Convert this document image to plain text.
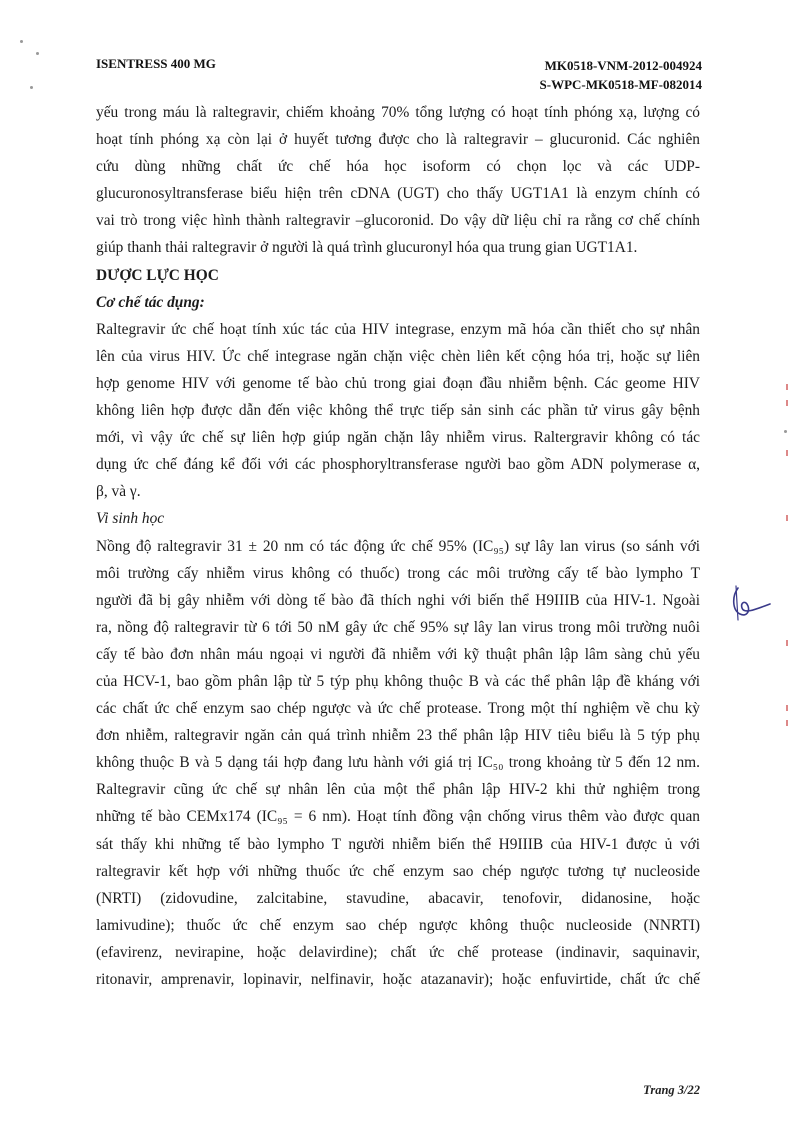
ISENTRESS 400 MG	MK0518-VNM-2012-004924
S-WPC-MK0518-MF-082014

yếu trong máu là raltegravir, chiếm khoảng 70% tổng lượng có hoạt tính phóng xạ, lượng có
hoạt tính phóng xạ còn lại ở huyết tương được cho là raltegravir – glucuronid. Các nghiên
cứu dùng những chất ức chế hóa học isoform có chọn lọc và các UDP-
glucuronosyltransferase biểu hiện trên cDNA (UGT) cho thấy UGT1A1 là enzym chính có
vai trò trong việc hình thành raltegravir –glucoronid. Do vậy dữ liệu chỉ ra rằng cơ chế chính
giúp thanh thải raltegravir ở người là quá trình glucuronyl hóa qua trung gian UGT1A1.

DƯỢC LỰC HỌC
Cơ chế tác dụng:

Raltegravir ức chế hoạt tính xúc tác của HIV integrase, enzym mã hóa cần thiết cho sự nhân
lên của virus HIV. Ức chế integrase ngăn chặn việc chèn liên kết cộng hóa trị, hoặc sự liên
hợp genome HIV với genome tế bào chủ trong giai đoạn đầu nhiễm bệnh. Các geome HIV
không liên hợp được dẫn đến việc không thể trực tiếp sản sinh các phần tử virus gây bệnh
mới, vì vậy ức chế sự liên hợp giúp ngăn chặn lây nhiễm virus. Raltergravir không có tác
dụng ức chế đáng kể đối với các phosphoryltransferase người bao gồm ADN polymerase α,
β, và γ.

Vi sinh học

Nồng độ raltegravir 31 ± 20 nm có tác động ức chế 95% (IC₉₅) sự lây lan virus (so sánh với
môi trường cấy nhiễm virus không có thuốc) trong các môi trường cấy tế bào lympho T
người đã bị gây nhiễm với dòng tế bào đã thích nghi với biến thể H9IIIB của HIV-1. Ngoài
ra, nồng độ raltegravir từ 6 tới 50 nM gây ức chế 95% sự lây lan virus trong môi trường nuôi
cấy tế bào đơn nhân máu ngoại vi người đã nhiễm với kỹ thuật phân lập lâm sàng chủ yếu
của HCV-1, bao gồm phân lập từ 5 týp phụ không thuộc B và các thể phân lập đề kháng với
các chất ức chế enzym sao chép ngược và ức chế protease. Trong một thí nghiệm về chu kỳ
đơn nhiễm, raltegravir ngăn cản quá trình nhiễm 23 thể phân lập HIV tiêu biểu là 5 týp phụ
không thuộc B và 5 dạng tái hợp đang lưu hành với giá trị IC₅₀ trong khoảng từ 5 đến 12 nm.
Raltegravir cũng ức chế sự nhân lên của một thể phân lập HIV-2 khi thử nghiệm trong
những tế bào CEMx174 (IC₉₅ = 6 nm). Hoạt tính đồng vận chống virus thêm vào được quan
sát thấy khi những tế bào lympho T người nhiễm biến thể H9IIIB của HIV-1 được ủ với
raltegravir kết hợp với những thuốc ức chế enzym sao chép ngược tương tự nucleoside
(NRTI) (zidovudine, zalcitabine, stavudine, abacavir, tenofovir, didanosine, hoặc
lamivudine); thuốc ức chế enzym sao chép ngược không thuộc nucleoside (NNRTI)
(efavirenz, nevirapine, hoặc delavirdine); chất ức chế protease (indinavir, saquinavir,
ritonavir, amprenavir, lopinavir, nelfinavir, hoặc atazanavir); hoặc enfuvirtide, chất ức chế

Trang 3/22
